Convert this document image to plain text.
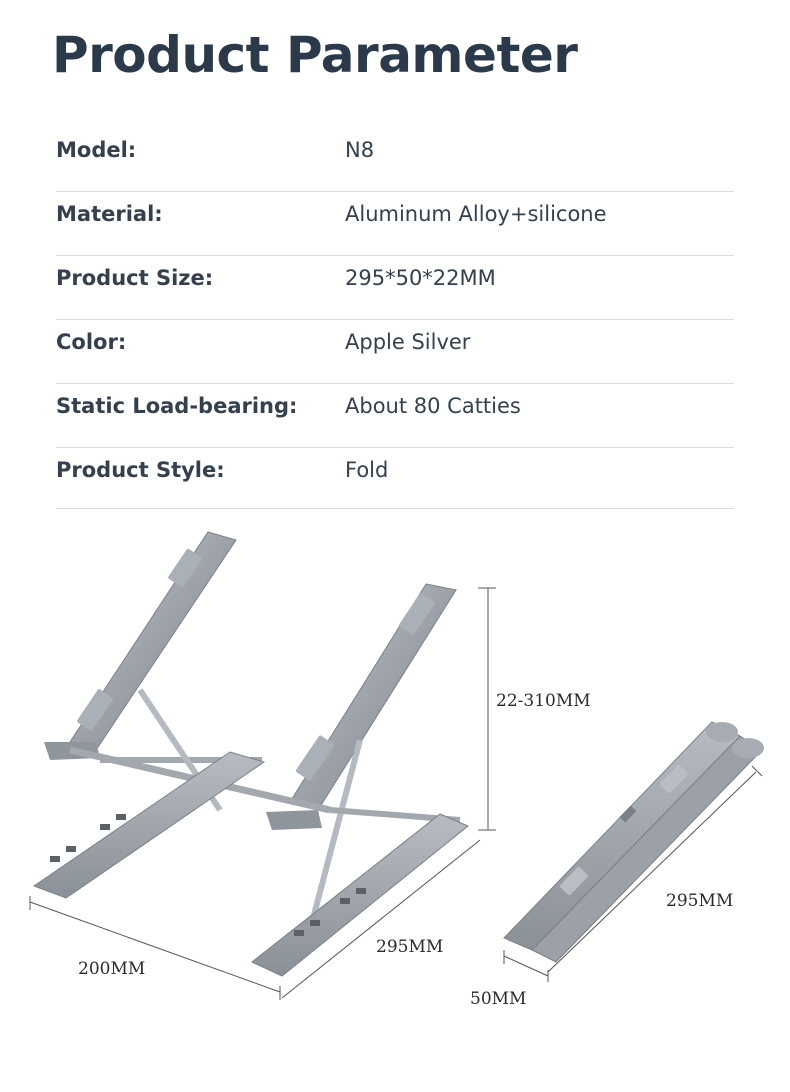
Product Parameter
Model:	N8
Material:	Aluminum Alloy+silicone
Product Size:	295*50*22MM
Color:	Apple Silver
Static Load-bearing: About 80 Catties
Product Style:	Fold
22-310MM
200MM
295MM
295MM
50MM
